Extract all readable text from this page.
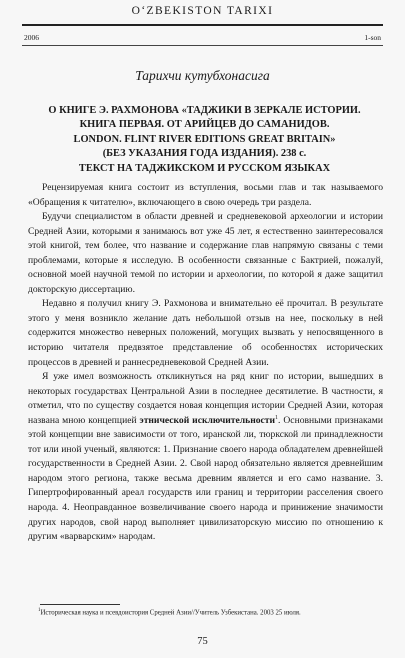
O‘ZBEKISTON TARIXI
2006	1-son
Тарихчи кутубхонасига
О КНИГЕ Э. РАХМОНОВА «ТАДЖИКИ В ЗЕРКАЛЕ ИСТОРИИ.
КНИГА ПЕРВАЯ. ОТ АРИЙЦЕВ ДО САМАНИДОВ.
LONDON. FLINT RIVER EDITIONS GREAT BRITAIN»
(БЕЗ УКАЗАНИЯ ГОДА ИЗДАНИЯ). 238 с.
ТЕКСТ НА ТАДЖИКСКОМ И РУССКОМ ЯЗЫКАХ

Рецензируемая книга состоит из вступления, восьми глав и так называемого «Обращения к читателю», включающего в свою очередь три раздела.

Будучи специалистом в области древней и средневековой археологии и истории Средней Азии, которыми я занимаюсь вот уже 45 лет, я естественно заинтересовался этой книгой, тем более, что название и содержание глав напрямую связаны с теми проблемами, которые я исследую. В особенности связанные с Бактрией, пожалуй, основной моей научной темой по истории и археологии, по которой я даже защитил докторскую диссертацию.

Недавно я получил книгу Э. Рахмонова и внимательно её прочитал. В результате этого у меня возникло желание дать небольшой отзыв на нее, поскольку в ней содержится множество неверных положений, могущих вызвать у непосвященного в историю читателя предвзятое представление об особенностях исторических процессов в древней и раннесредневековой Средней Азии.

Я уже имел возможность откликнуться на ряд книг по истории, вышедших в некоторых государствах Центральной Азии в последнее десятилетие. В частности, я отметил, что по существу создается новая концепция истории Средней Азии, которая названа мною концепцией этнической исключительности$^1$. Основными признаками этой концепции вне зависимости от того, иранской ли, тюркской ли принадлежности тот или иной ученый, являются: 1. Признание своего народа обладателем древнейшей государственности в Средней Азии. 2. Свой народ обязательно является древнейшим народом этого региона, также весьма древним является и его само название. 3. Гипертрофированный ареал государств или границ и территории расселения своего народа. 4. Неоправданное возвеличивание своего народа и принижение значимости других народов, свой народ выполняет цивилизаторскую миссию по отношению к другим «варварским» народам.

$^1$Историческая наука и псевдоистория Средней Азии//Учитель Узбекистана. 2003 25 июля.
75
